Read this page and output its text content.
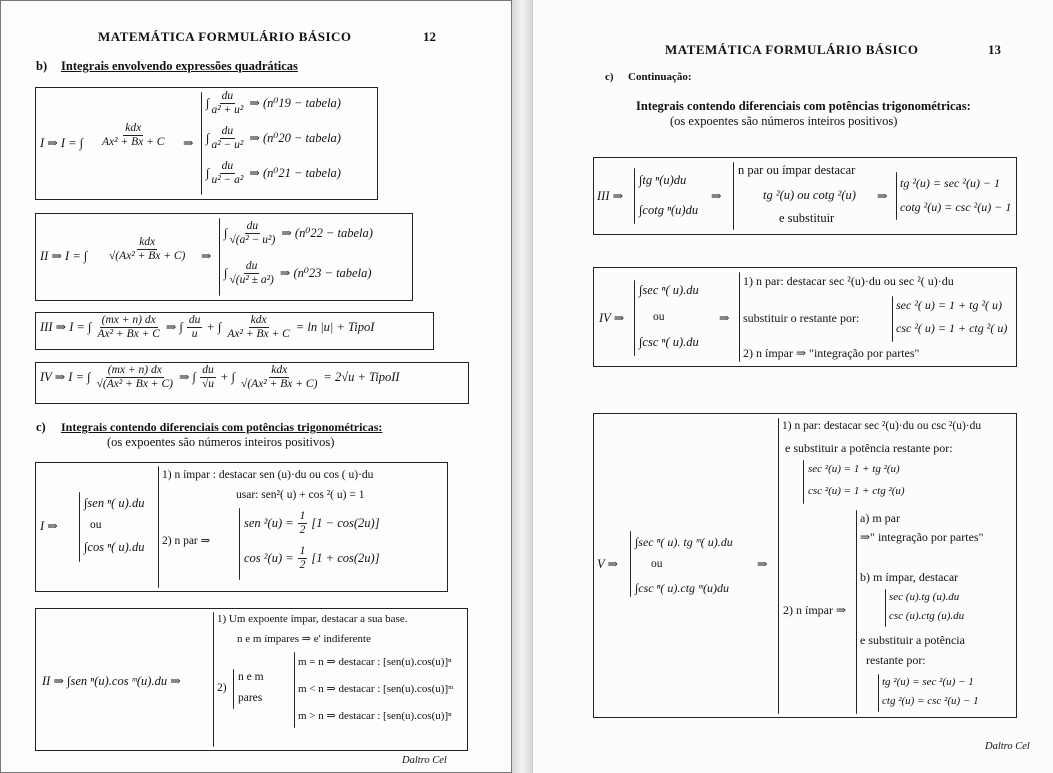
MATEMÁTICA FORMULÁRIO BÁSICO	12
b) Integrais envolvendo expressões quadráticas
I ⇒ I = ∫ $\frac{\text{kdx}}{\text{Ax² + Bx + C}}$ ⇒
∫ $\frac{du}{\text{a² + u²}}$ ⇒ (n⁰19 − tabela)
∫ $\frac{du}{\text{a² − u²}}$ ⇒ (n⁰20 − tabela)
∫ $\frac{du}{\text{u² − a²}}$ ⇒ (n⁰21 − tabela)
II ⇒ I = ∫ $\frac{\text{kdx}}{\text{√(Ax² + Bx + C)}}$ ⇒
∫ $\frac{du}{\text{√(a² − u²)}}$ ⇒ (n⁰22 − tabela)
∫ $\frac{du}{\text{√(u² ± a²)}}$ ⇒ (n⁰23 − tabela)
III ⇒ I = ∫ $\frac{(mx + n) dx}{\text{Ax² + Bx + C}}$ ⇒ ∫ $\frac{du}{u}$ + ∫ $\frac{\text{kdx}}{\text{Ax² + Bx + C}} = \ln |u|$ + TipoI
IV ⇒ I = ∫ $\frac{(mx + n) dx}{\text{√(Ax² + Bx + C)}}$ ⇒ ∫ $\frac{du}{√u}$ + ∫ $\frac{\text{kdx}}{\text{√(Ax² + Bx + C)}} = 2√u$ + TipoII
c) Integrais contendo diferenciais com potências trigonométricas:
(os expoentes são números inteiros positivos)
I ⇒
∫sen ⁿ( u).du
ou
∫cos ⁿ( u).du
1) n ímpar : destacar sen (u)·du ou cos ( u)·du
usar: sen²( u) + cos ²( u) = 1
2) n par ⇒
sen $^2(u) = \frac{1}{2} [1 - \cos(2u)]$
$\cos ^2(u) = \frac{1}{2} [1 + \cos(2u)]$
II ⇒ ∫sen ⁿ(u).cos ᵐ(u).du ⇒
1) Um expoente ímpar, destacar a sua base.
n e m ímpares ⇒ e' indiferente
2)
n e m
pares
m = n ⇒ destacar : [sen(u).cos(u)]ⁿ
m < n ⇒ destacar : [sen(u).cos(u)]ᵐ
m > n ⇒ destacar : [sen(u).cos(u)]ⁿ
Daltro Cel
MATEMÁTICA FORMULÁRIO BÁSICO	13
c) Continuação:
Integrais contendo diferenciais com potências trigonométricas:
(os expoentes são números inteiros positivos)
III ⇒
∫tg ⁿ(u)du
∫cotg ⁿ(u)du
⇒
n par ou ímpar destacar
tg ²(u) ou cotg ²(u)
e substituir
⇒
tg ²(u) = sec ²(u) − 1
cotg ²(u) = csc ²(u) − 1
IV ⇒
∫sec ⁿ( u).du
ou
∫csc ⁿ( u).du
⇒
1) n par: destacar sec ²(u)·du ou sec ²( u)·du
substituir o restante por:
sec ²( u) = 1 + tg ²( u)
csc ²( u) = 1 + ctg ²( u)
2) n ímpar ⇒ "integração por partes"
V ⇒
∫sec ⁿ( u). tg ᵐ( u).du
ou
∫csc ⁿ( u).ctg ᵐ(u)du
⇒
1) n par: destacar sec ²(u)·du ou csc ²(u)·du
e substituir a potência restante por:
sec ²(u) = 1 + tg ²(u)
csc ²(u) = 1 + ctg ²(u)
2) n ímpar ⇒
a) m par
⇒" integração por partes"
b) m ímpar, destacar
sec (u).tg (u).du
csc (u).ctg (u).du
e substituir a potência
restante por:
tg ²(u) = sec ²(u) − 1
ctg ²(u) = csc ²(u) − 1
Daltro Cel
